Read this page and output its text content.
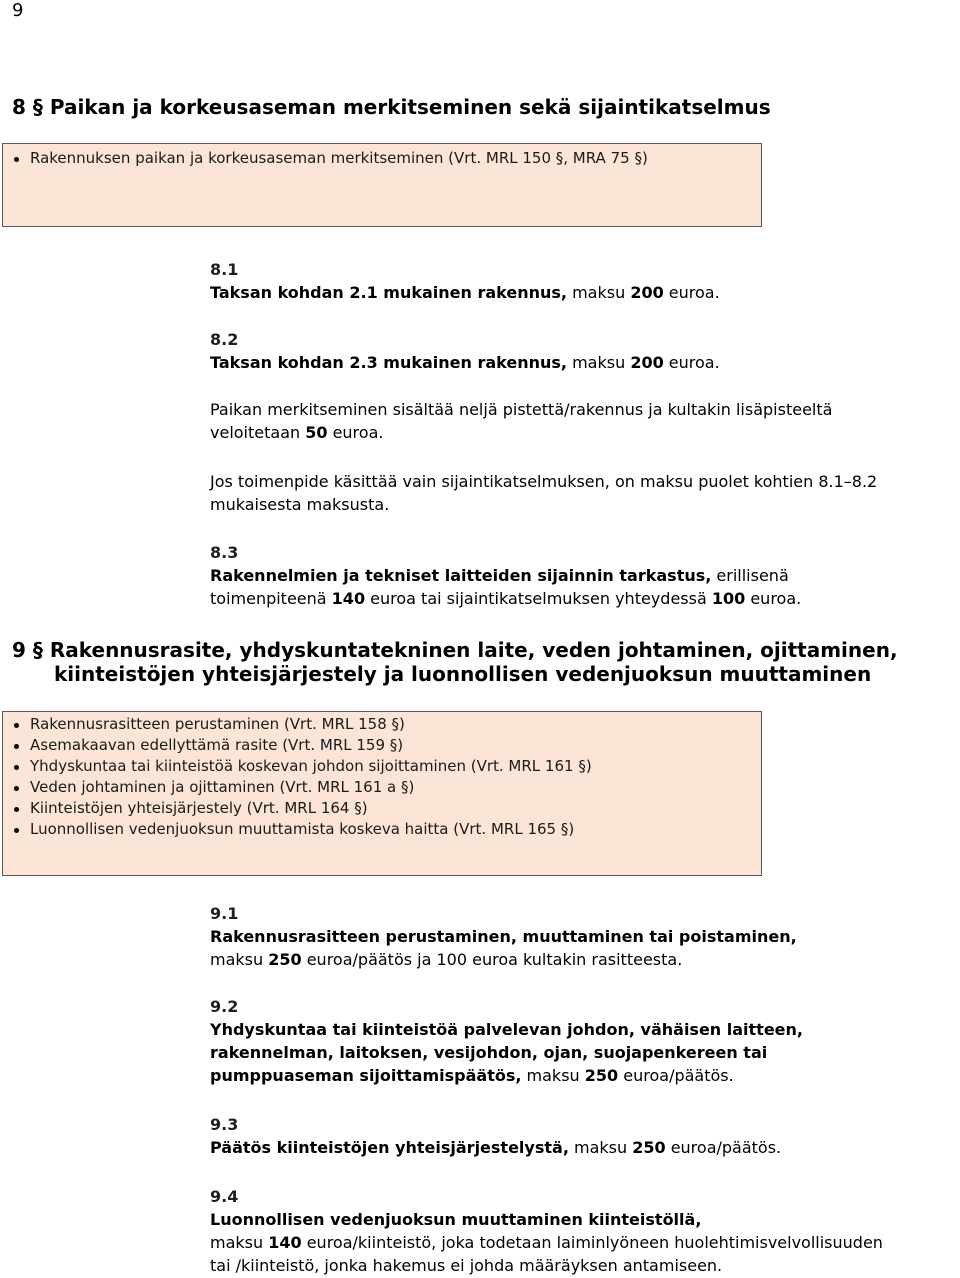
9
8 § Paikan ja korkeusaseman merkitseminen sekä sijaintikatselmus
Rakennuksen paikan ja korkeusaseman merkitseminen (Vrt. MRL 150 §, MRA 75 §)

8.1

Taksan kohdan 2.1 mukainen rakennus, maksu 200 euroa.

8.2

Taksan kohdan 2.3 mukainen rakennus, maksu 200 euroa.

Paikan merkitseminen sisältää neljä pistettä/rakennus ja kultakin lisäpisteeltä

veloitetaan 50 euroa.

Jos toimenpide käsittää vain sijaintikatselmuksen, on maksu puolet kohtien 8.1–8.2

mukaisesta maksusta.

8.3

Rakennelmien ja tekniset laitteiden sijainnin tarkastus, erillisenä

toimenpiteenä 140 euroa tai sijaintikatselmuksen yhteydessä 100 euroa.

9 § Rakennusrasite, yhdyskuntatekninen laite, veden johtaminen, ojittaminen,
kiinteistöjen yhteisjärjestely ja luonnollisen vedenjuoksun muuttaminen
Rakennusrasitteen perustaminen (Vrt. MRL 158 §)
Asemakaavan edellyttämä rasite (Vrt. MRL 159 §)
Yhdyskuntaa tai kiinteistöä koskevan johdon sijoittaminen (Vrt. MRL 161 §)
Veden johtaminen ja ojittaminen (Vrt. MRL 161 a §)
Kiinteistöjen yhteisjärjestely (Vrt. MRL 164 §)
Luonnollisen vedenjuoksun muuttamista koskeva haitta (Vrt. MRL 165 §)

9.1

Rakennusrasitteen perustaminen, muuttaminen tai poistaminen,

maksu 250 euroa/päätös ja 100 euroa kultakin rasitteesta.

9.2

Yhdyskuntaa tai kiinteistöä palvelevan johdon, vähäisen laitteen,

rakennelman, laitoksen, vesijohdon, ojan, suojapenkereen tai

pumppuaseman sijoittamispäätös, maksu 250 euroa/päätös.

9.3

Päätös kiinteistöjen yhteisjärjestelystä, maksu 250 euroa/päätös.

9.4

Luonnollisen vedenjuoksun muuttaminen kiinteistöllä,

maksu 140 euroa/kiinteistö, joka todetaan laiminlyöneen huolehtimisvelvollisuuden

tai /kiinteistö, jonka hakemus ei johda määräyksen antamiseen.
